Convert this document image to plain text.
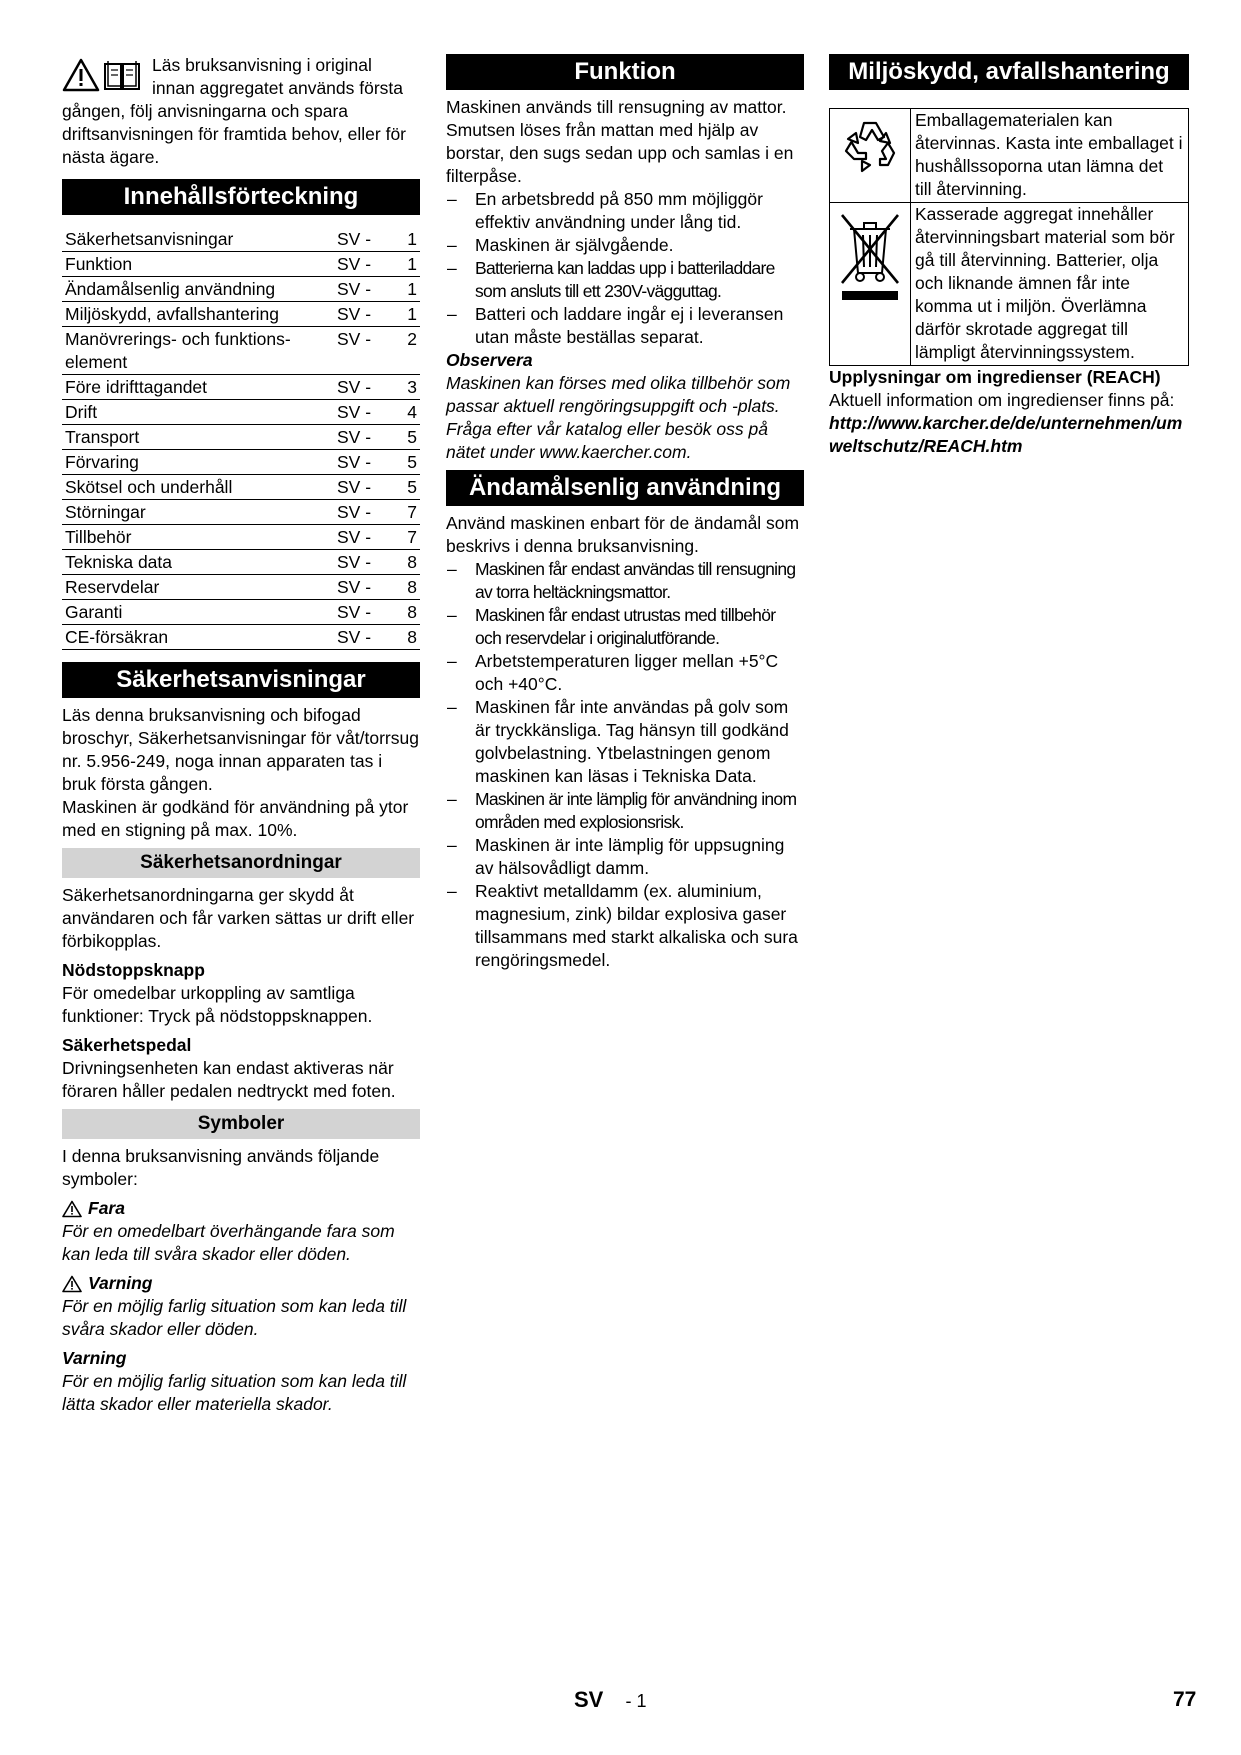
Läs bruksanvisning i original

innan aggregatet används första

gången, följ anvisningarna och spara driftsanvisningen för framtida behov, eller för nästa ägare.

Innehållsförteckning
Säkerhetsanvisningar	SV -	1
Funktion	SV -	1
Ändamålsenlig användning	SV -	1
Miljöskydd, avfallshantering	SV -	1
Manövrerings- och funktions-element	SV -	2
Före idrifttagandet	SV -	3
Drift	SV -	4
Transport	SV -	5
Förvaring	SV -	5
Skötsel och underhåll	SV -	5
Störningar	SV -	7
Tillbehör	SV -	7
Tekniska data	SV -	8
Reservdelar	SV -	8
Garanti	SV -	8
CE-försäkran	SV -	8
Säkerhetsanvisningar

Läs denna bruksanvisning och bifogad broschyr, Säkerhetsanvisningar för våt/torrsug nr. 5.956-249, noga innan apparaten tas i bruk första gången.

Maskinen är godkänd för användning på ytor med en stigning på max. 10%.

Säkerhetsanordningar

Säkerhetsanordningarna ger skydd åt användaren och får varken sättas ur drift eller förbikopplas.

Nödstoppsknapp

För omedelbar urkoppling av samtliga funktioner: Tryck på nödstoppsknappen.

Säkerhetspedal

Drivningsenheten kan endast aktiveras när föraren håller pedalen nedtryckt med foten.

Symboler

I denna bruksanvisning används följande symboler:

Fara

För en omedelbart överhängande fara som kan leda till svåra skador eller döden.

Varning

För en möjlig farlig situation som kan leda till svåra skador eller döden.

Varning

För en möjlig farlig situation som kan leda till lätta skador eller materiella skador.

Funktion

Maskinen används till rensugning av mattor. Smutsen löses från mattan med hjälp av borstar, den sugs sedan upp och samlas i en filterpåse.

– En arbetsbredd på 850 mm möjliggör effektiv användning under lång tid.
– Maskinen är självgående.
– Batterierna kan laddas upp i batteriladdare som ansluts till ett 230V-vägguttag.
– Batteri och laddare ingår ej i leveransen utan måste beställas separat.

Observera

Maskinen kan förses med olika tillbehör som passar aktuell rengöringsuppgift och -plats.

Fråga efter vår katalog eller besök oss på nätet under www.kaercher.com.

Ändamålsenlig användning

Använd maskinen enbart för de ändamål som beskrivs i denna bruksanvisning.

– Maskinen får endast användas till rensugning av torra heltäckningsmattor.
– Maskinen får endast utrustas med tillbehör och reservdelar i originalutförande.
– Arbetstemperaturen ligger mellan +5°C och +40°C.
– Maskinen får inte användas på golv som är tryckkänsliga. Tag hänsyn till godkänd golvbelastning. Ytbelastningen genom maskinen kan läsas i Tekniska Data.
– Maskinen är inte lämplig för användning inom områden med explosionsrisk.
– Maskinen är inte lämplig för uppsugning av hälsovådligt damm.
– Reaktivt metalldamm (ex. aluminium, magnesium, zink) bildar explosiva gaser tillsammans med starkt alkaliska och sura rengöringsmedel.
Miljöskydd, avfallshantering
	Emballagematerialen kan återvinnas. Kasta inte emballaget i hushållssoporna utan lämna det till återvinning.
	Kasserade aggregat innehåller återvinningsbart material som bör gå till återvinning. Batterier, olja och liknande ämnen får inte komma ut i miljön. Överlämna därför skrotade aggregat till lämpligt återvinningssystem.

Upplysningar om ingredienser (REACH)

Aktuell information om ingredienser finns på:

http://www.karcher.de/de/unternehmen/umweltschutz/REACH.htm

SV - 1	77
